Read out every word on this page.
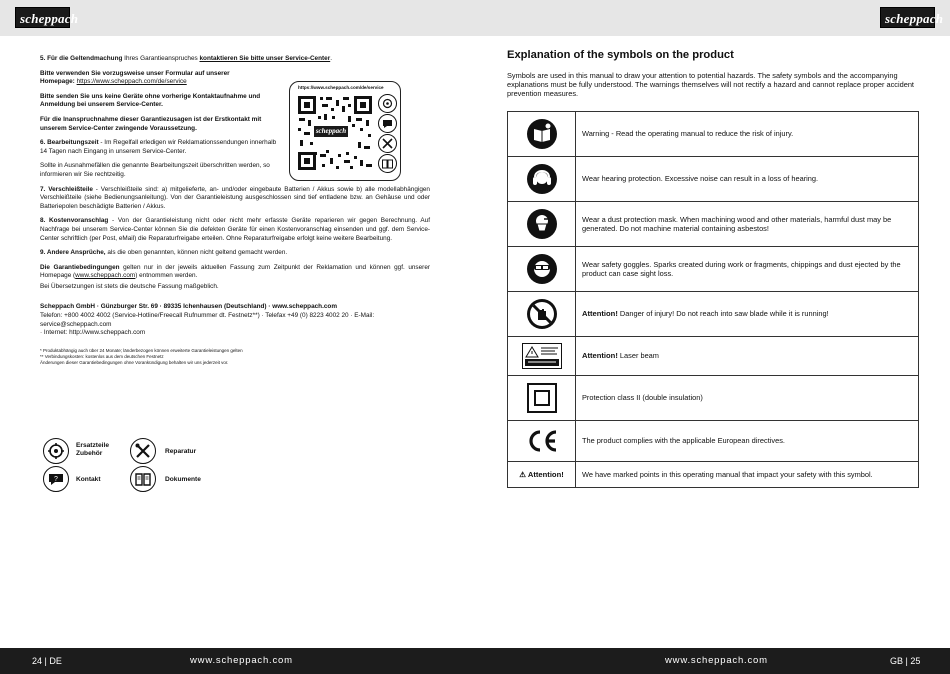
scheppach	scheppach

5. Für die Geltendmachung Ihres Garantieanspruches kontaktieren Sie bitte unser Service-Center.

Bitte verwenden Sie vorzugsweise unser Formular auf unserer
Homepage: https://www.scheppach.com/de/service

Bitte senden Sie uns keine Geräte ohne vorherige Kontaktaufnahme und
Anmeldung bei unserem Service-Center.

Für die Inanspruchnahme dieser Garantiezusagen ist der Erstkontakt mit
unserem Service-Center zwingende Voraussetzung.

6. Bearbeitungszeit - Im Regelfall erledigen wir Reklamationssendungen innerhalb
14 Tagen nach Eingang in unserem Service-Center.

Sollte in Ausnahmefällen die genannte Bearbeitungszeit überschritten werden, so
informieren wir Sie rechtzeitig.

7. Verschleißteile - Verschleißteile sind: a) mitgelieferte, an- und/oder eingebaute Batterien / Akkus sowie b) alle modellabhängigen Verschleißteile (siehe Bedienungsanleitung). Von der Garantieleistung ausgeschlossen sind tief entladene bzw. an Gehäuse und oder Batteriepolen beschädigte Batterien / Akkus.

8. Kostenvoranschlag - Von der Garantieleistung nicht oder nicht mehr erfasste Geräte reparieren wir gegen Berechnung. Auf Nachfrage bei unserem Service-Center können Sie die defekten Geräte für einen Kostenvoranschlag einsenden und ggf. dem Service-Center schriftlich (per Post, eMail) die Reparaturfreigabe erteilen. Ohne Reparaturfreigabe erfolgt keine weitere Bearbeitung.

9. Andere Ansprüche, als die oben genannten, können nicht geltend gemacht werden.

Die Garantiebedingungen gelten nur in der jeweils aktuellen Fassung zum Zeitpunkt der Reklamation und können ggf. unserer Homepage (www.scheppach.com) entnommen werden.

Bei Übersetzungen ist stets die deutsche Fassung maßgeblich.

Scheppach GmbH · Günzburger Str. 69 · 89335 Ichenhausen (Deutschland) · www.scheppach.com
Telefon: +800 4002 4002 (Service-Hotline/Freecall Rufnummer dt. Festnetz**) · Telefax +49 (0) 8223 4002 20 · E-Mail: service@scheppach.com
· Internet: http://www.scheppach.com

* Produktabhängig auch über 24 Monate; länderbezogen können erweiterte Garantieleistungen gelten
** Verbindungskosten: kostenlos aus dem deutschen Festnetz
Änderungen dieser Garantiebedingungen ohne Vorankündigung behalten wir uns jederzeit vor.

https://www.scheppach.com/de/service
scheppach
Ersatzteile
Zubehör	Reparatur
?	Kontakt	Dokumente
Explanation of the symbols on the product
Symbols are used in this manual to draw your attention to potential hazards. The safety symbols and the accompanying explanations must be fully understood. The warnings themselves will not rectify a hazard and cannot replace proper accident prevention measures.
	Warning - Read the operating manual to reduce the risk of injury.

	Wear hearing protection. Excessive noise can result in a loss of hearing.

	Wear a dust protection mask. When machining wood and other materials, harmful dust may be generated. Do not machine material containing asbestos!

	Wear safety goggles. Sparks created during work or fragments, chippings and dust ejected by the product can case sight loss.

	Attention! Danger of injury! Do not reach into saw blade while it is running!

	Attention! Laser beam

	Protection class II (double insulation)

	The product complies with the applicable European directives.
⚠ Attention!	We have marked points in this operating manual that impact your safety with this symbol.
24 | DE	www.scheppach.com	www.scheppach.com	GB | 25
